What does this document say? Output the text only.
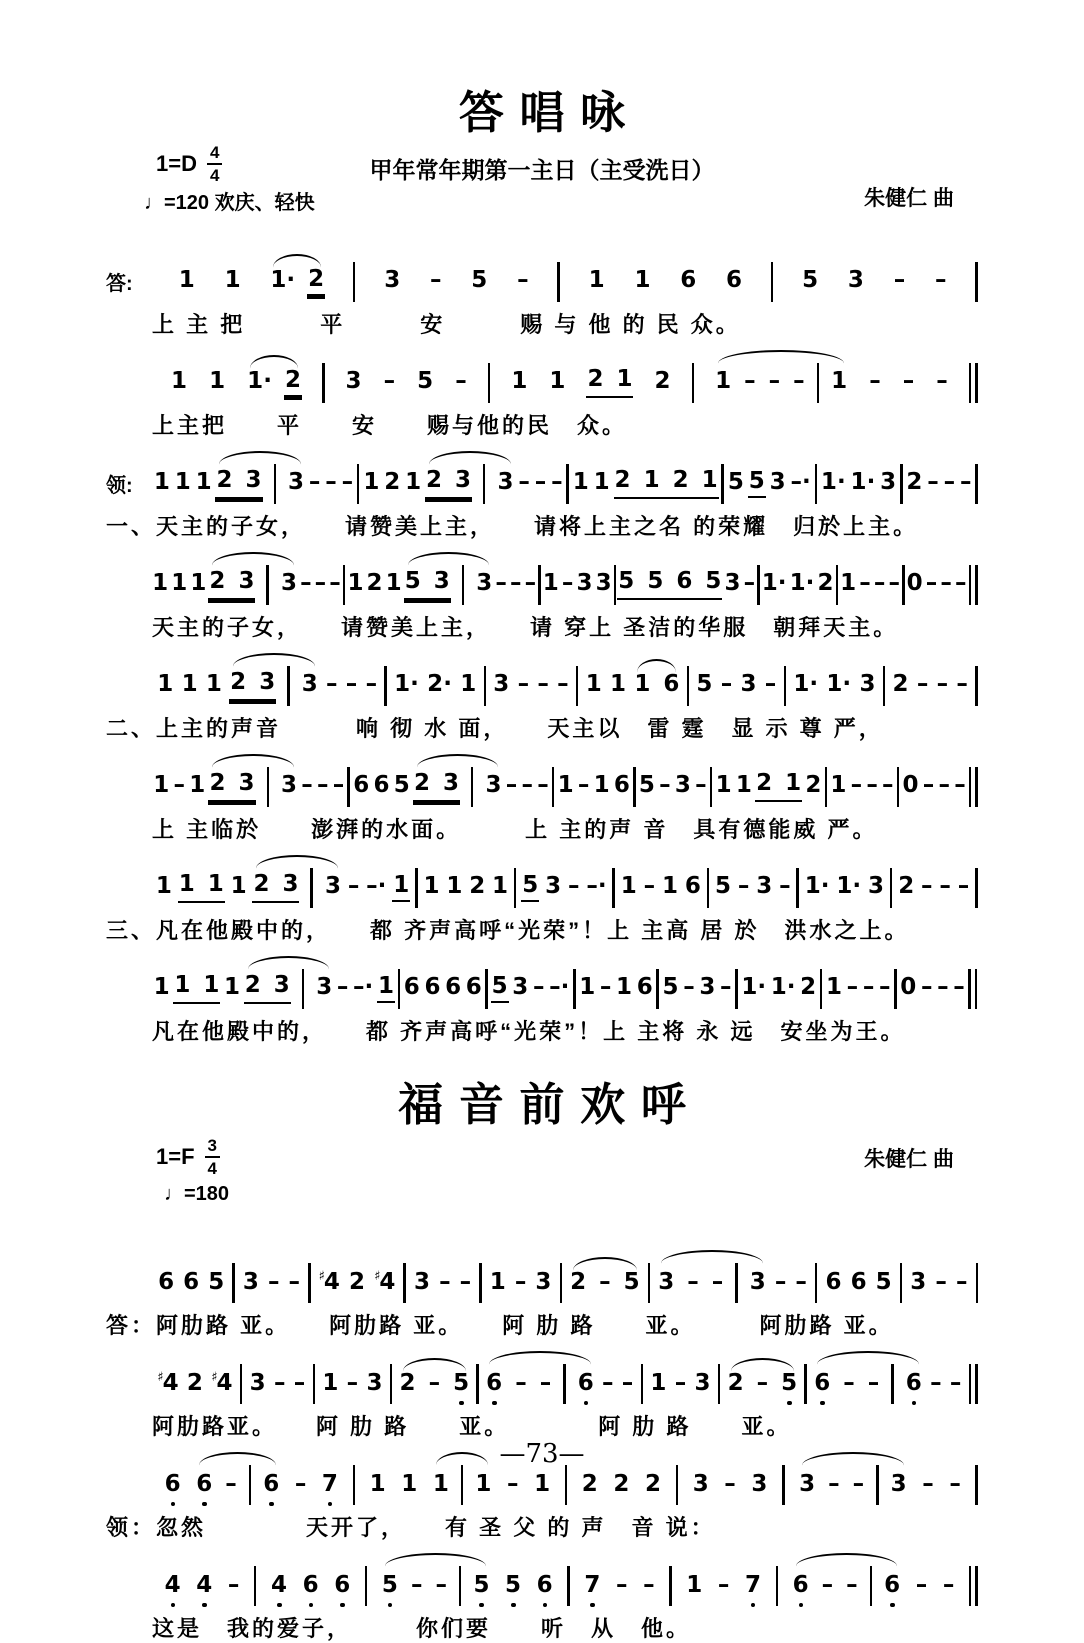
答 唱 咏
1=D 4
4	甲年常年期第一主日（主受洗日）
♩=120 欢庆、轻快	朱健仁 曲
答:	1 1 1· 2	3 – 5 –	1 1 6 6	5 3 – –
上 主 把　　　平　　　安　　　赐 与 他 的 民 众。
1 1 1· 2 3 – 5 – 1 1 2 1 2 1 – – – 1 – – –
上主把　　平　　安　　赐与他的民　众。
领: 1 1 1 2 3 3 – – – 1 2 1 2 3 3 – – – 1 1 2 1 2 1 5 5 3 –· 1· 1· 3 2 – – –
一、天主的子女，　　请赞美上主，　　请将上主之名 的荣耀　归於上主。
1 1 1 2 3 3 – – – 1 2 1 5 3 3 – – – 1 – 3 3 5 5 6 5 3 – 1· 1· 2 1 – – – 0 – – –
天主的子女，　　请赞美上主，　　请 穿上 圣洁的华服　朝拜天主。
1 1 1 2 3 3 – – – 1· 2· 1 3 – – – 1 1 1 6 5 – 3 – 1· 1· 3 2 – – –
二、上主的声音　　　响 彻 水 面，　　天主以　雷 霆　显 示 尊 严，
1 – 1 2 3 3 – – – 6 6 5 2 3 3 – – – 1 – 1 6 5 – 3 – 1 1 2 1 2 1 – – – 0 – – –
上 主临於　　澎湃的水面。　　　上 主的声 音　具有德能威 严。
1 1 1 1 2 3 3 – –· 1 1 1 2 1 5 3 – –· 1 – 1 6 5 – 3 – 1· 1· 3 2 – – –
三、凡在他殿中的，　　都 齐声高呼“光荣”！上 主高 居 於　洪水之上。
1 1 1 1 2 3 3 – –· 1 6 6 6 6 5 3 – –· 1 – 1 6 5 – 3 – 1· 1· 2 1 – – – 0 – – –
凡在他殿中的，　　都 齐声高呼“光荣”！上 主将 永 远　安坐为王。
福 音 前 欢 呼
1=F 3
4
♩=180
朱健仁 曲
6 6 5 3 – – ♯4 2 ♯4 3 – – 1 – 3 2 – 5 3 – – 3 – – 6 6 5 3 – –
答：阿肋路 亚。　　阿肋路 亚。　　阿 肋 路　　亚。　　　阿肋路 亚。
♯4 2 ♯4 3 – – 1 – 3 2 – 5 6 – – 6 – – 1 – 3 2 – 5 6 – – 6 – –
阿肋路亚。　　阿 肋 路　　亚。　　　　阿 肋 路　　亚。
6 6 – 6 – 7 1 1 1 1 – 1 2 2 2 3 – 3 3 – – 3 – –
领：忽然　　　　天开了，　　有 圣 父 的 声　音 说：
4 4 – 4 6 6 5 – – 5 5 6 7 – – 1 – 7 6 – – 6 – –
这是　我的爱子，　　　你们要　　听　从　他。
—73—
